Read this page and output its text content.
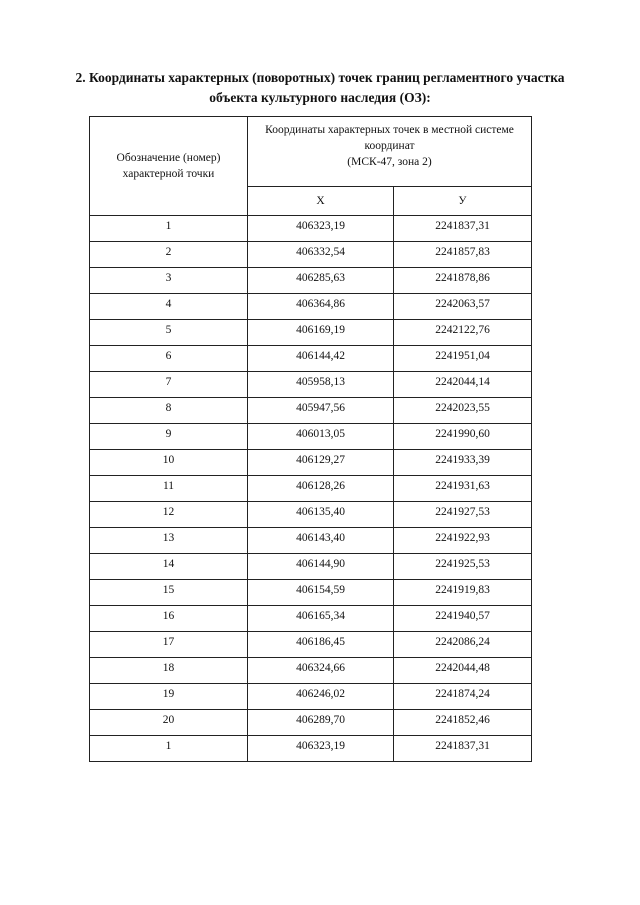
2. Координаты характерных (поворотных) точек границ регламентного участка
объекта культурного наследия (ОЗ):
Обозначение (номер) характерной точки	Координаты характерных точек в местной системе координат
(МСК-47, зона 2)	

	Х	У
1	406323,19	2241837,31
2	406332,54	2241857,83
3	406285,63	2241878,86
4	406364,86	2242063,57
5	406169,19	2242122,76
6	406144,42	2241951,04
7	405958,13	2242044,14
8	405947,56	2242023,55
9	406013,05	2241990,60
10	406129,27	2241933,39
11	406128,26	2241931,63
12	406135,40	2241927,53
13	406143,40	2241922,93
14	406144,90	2241925,53
15	406154,59	2241919,83
16	406165,34	2241940,57
17	406186,45	2242086,24
18	406324,66	2242044,48
19	406246,02	2241874,24
20	406289,70	2241852,46
1	406323,19	2241837,31
